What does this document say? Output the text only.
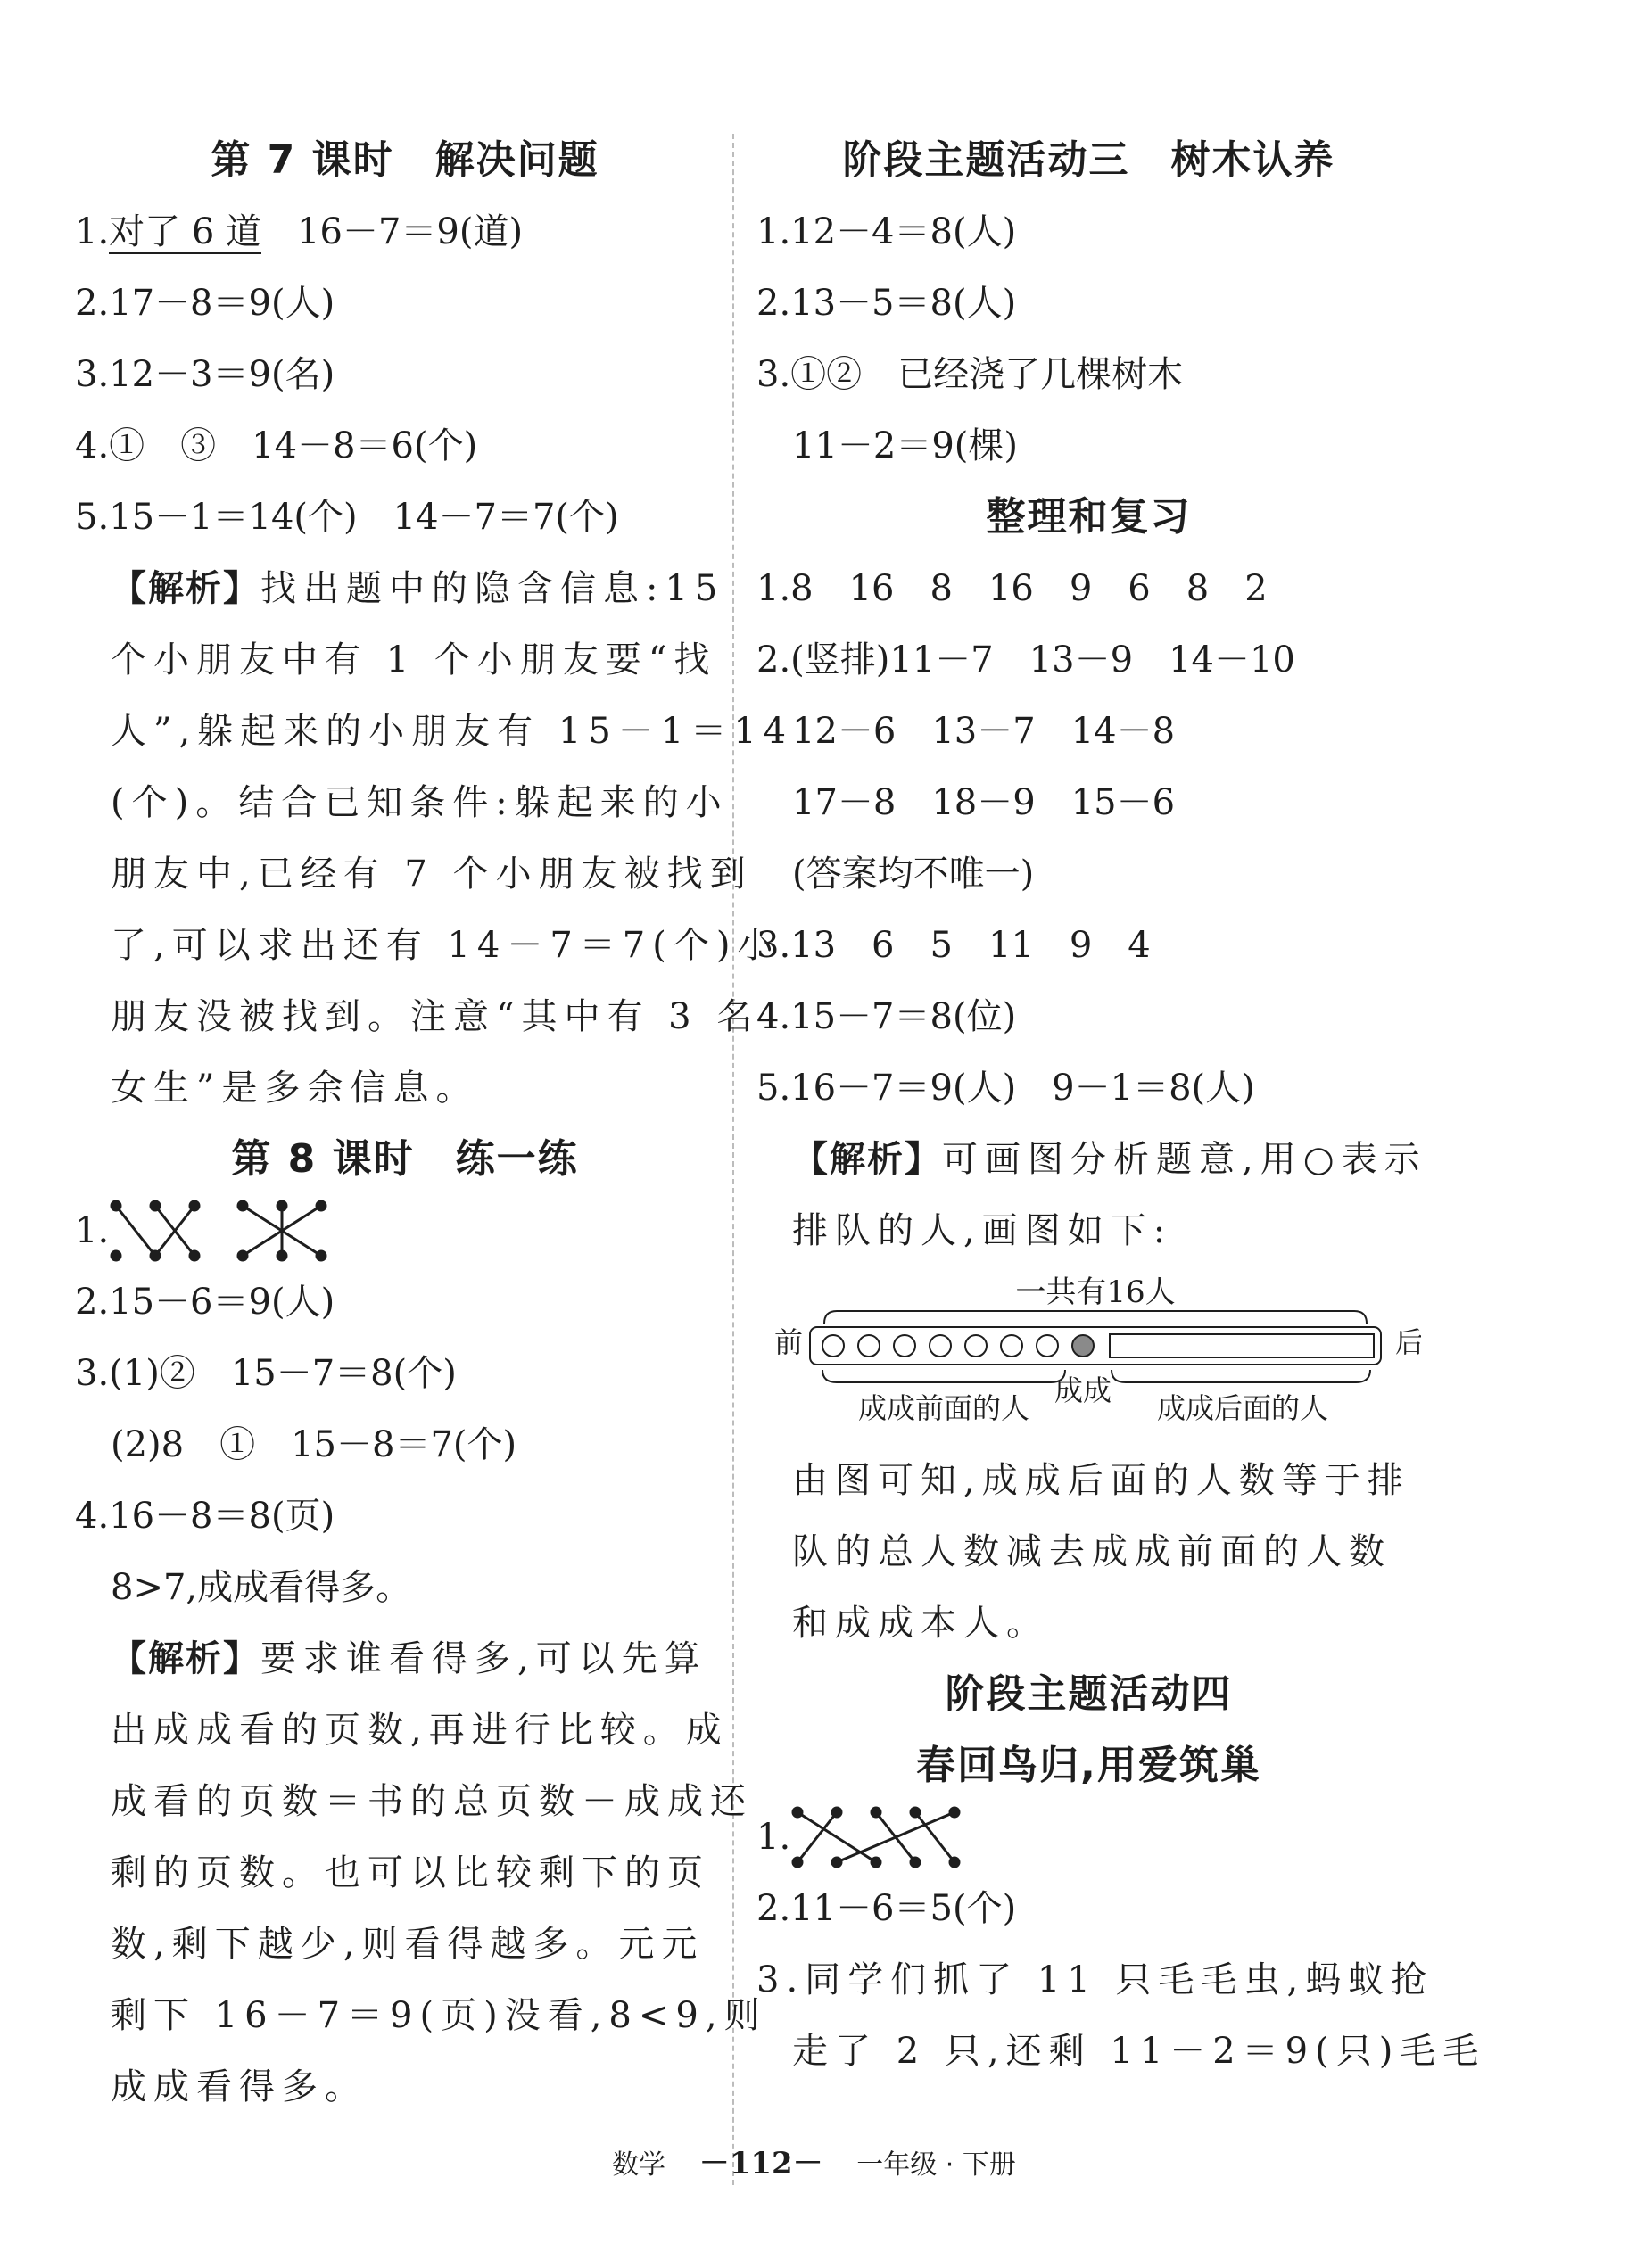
第 7 课时　解决问题
1.对了 6 道　16－7＝9(道)
2.17－8＝9(人)
3.12－3＝9(名)
4.①　③　14－8＝6(个)
5.15－1＝14(个)　14－7＝7(个)
【解析】找出题中的隐含信息:15
个小朋友中有 1 个小朋友要“找
人”,躲起来的小朋友有 15－1＝14
(个)。结合已知条件:躲起来的小
朋友中,已经有 7 个小朋友被找到
了,可以求出还有 14－7＝7(个)小
朋友没被找到。注意“其中有 3 名
女生”是多余信息。
第 8 课时　练一练
1.
2.15－6＝9(人)
3.(1)②　15－7＝8(个)
(2)8　①　15－8＝7(个)
4.16－8＝8(页)
8>7,成成看得多。
【解析】要求谁看得多,可以先算
出成成看的页数,再进行比较。成
成看的页数＝书的总页数－成成还
剩的页数。也可以比较剩下的页
数,剩下越少,则看得越多。元元
剩下 16－7＝9(页)没看,8<9,则
成成看得多。
阶段主题活动三　树木认养
1.12－4＝8(人)
2.13－5＝8(人)
3.①②　已经浇了几棵树木
11－2＝9(棵)
整理和复习
1.8　16　8　16　9　6　8　2
2.(竖排)11－7　13－9　14－10
12－6　13－7　14－8
17－8　18－9　15－6
(答案均不唯一)
3.13　6　5　11　9　4
4.15－7＝8(位)
5.16－7＝9(人)　9－1＝8(人)
【解析】可画图分析题意,用○表示
排队的人,画图如下:
一共有16人
前	后
成成前面的人
成成
成成后面的人
由图可知,成成后面的人数等于排
队的总人数减去成成前面的人数
和成成本人。
阶段主题活动四
春回鸟归,用爱筑巢
1.
2.11－6＝5(个)
3.同学们抓了 11 只毛毛虫,蚂蚁抢
走了 2 只,还剩 11－2＝9(只)毛毛
数学 －112－ 一年级 · 下册
